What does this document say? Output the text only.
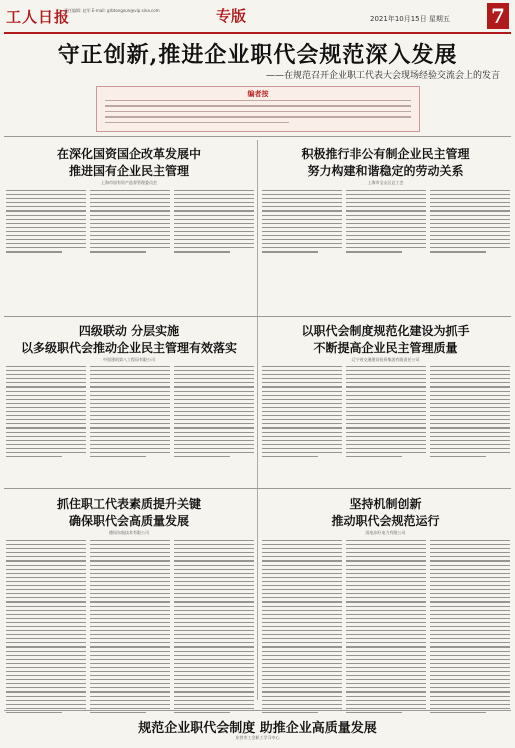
工人日报
责任编辑: 赵军 E-mail: grbtongxun@vip.sina.com	专版	2021年10月15日 星期五 7
守正创新,推进企业职代会规范深入发展
——在规范召开企业职工代表大会现场经验交流会上的发言
编者按
在深化国资国企改革发展中
推进国有企业民主管理
上海市国有资产监督管理委员会
积极推行非公有制企业民主管理
努力构建和谐稳定的劳动关系
上海市宝山区总工会
四级联动 分层实施
以多级职代会推动企业民主管理有效落实
中国建筑第八工程局有限公司
以职代会制度规范化建设为抓手
不断提高企业民主管理质量
辽宁省交通建设投资集团有限责任公司
抓住职工代表素质提升关键
确保职代会高质量发展
德国东航技术有限公司
坚持机制创新
推动职代会规范运行
国电东旺电力有限公司
规范企业职代会制度 助推企业高质量发展
东营市工会职工学习中心
